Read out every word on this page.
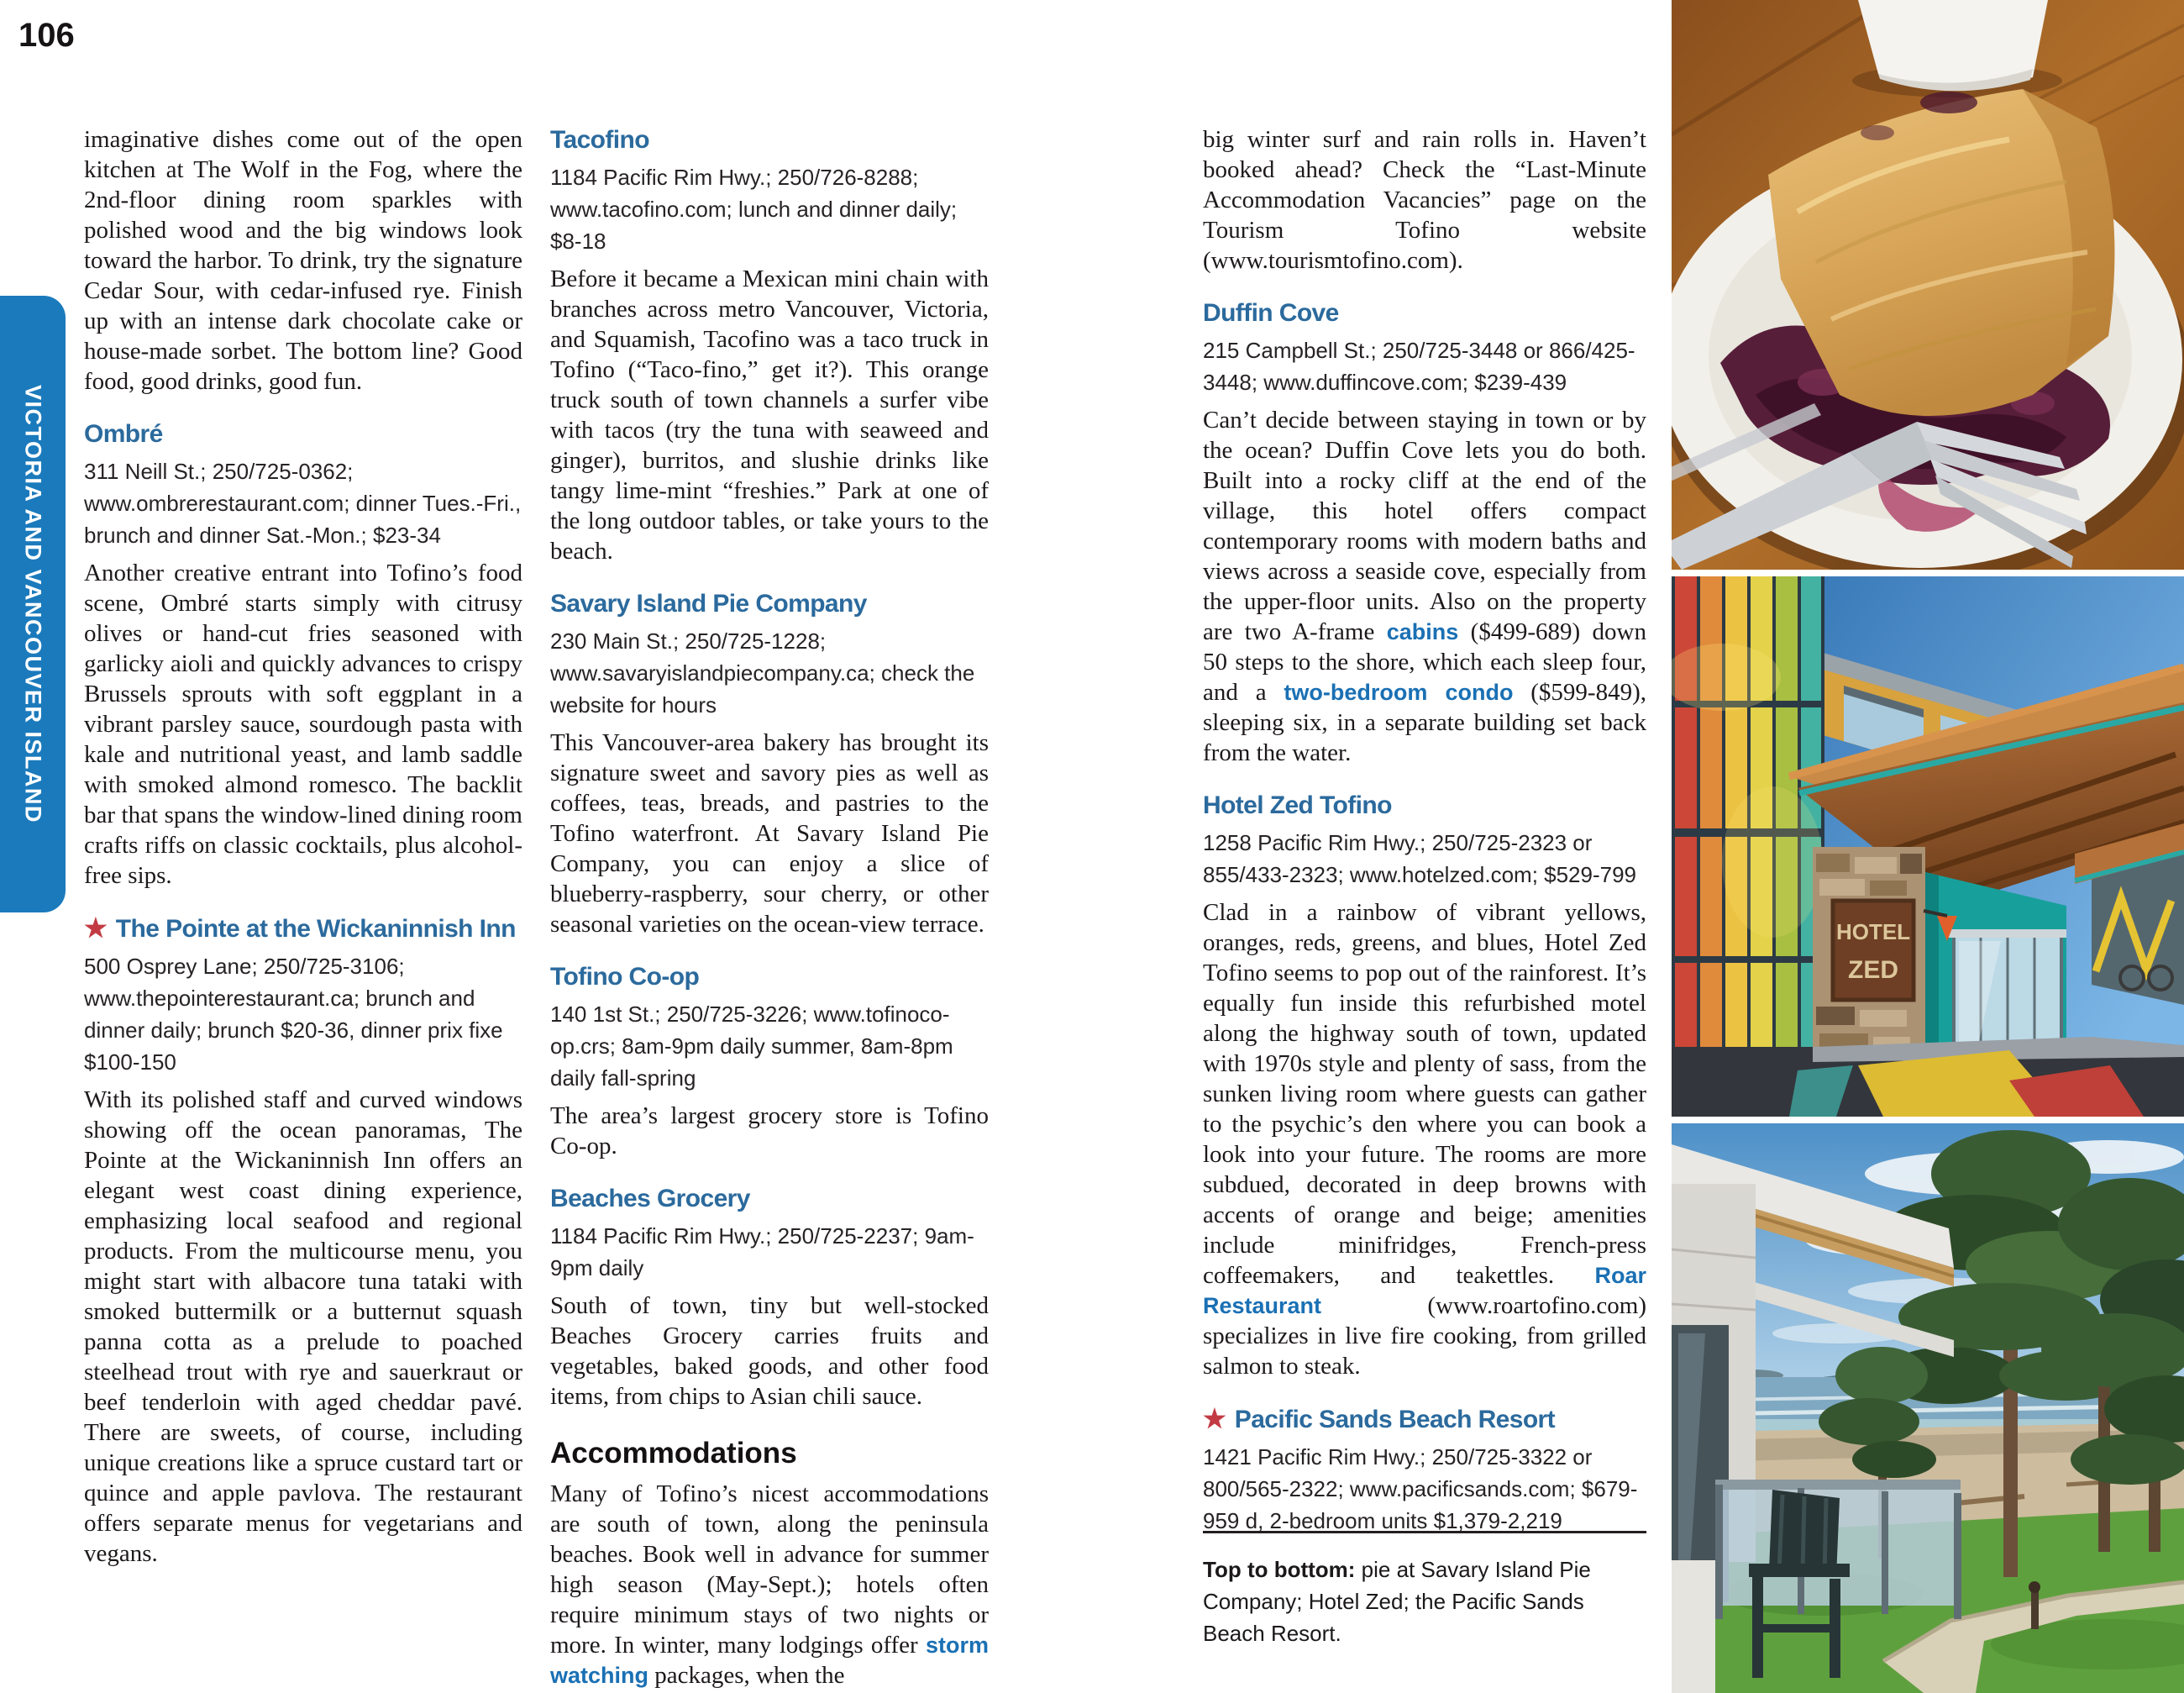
106
VICTORIA AND VANCOUVER ISLAND
imaginative dishes come out of the open kitchen at The Wolf in the Fog, where the 2nd-floor dining room sparkles with polished wood and the big windows look toward the harbor. To drink, try the signature Cedar Sour, with cedar-infused rye. Finish up with an intense dark chocolate cake or house-made sorbet. The bottom line? Good food, good drinks, good fun.
Ombré
311 Neill St.; 250/725-0362; www.ombrerestaurant.com; dinner Tues.-Fri., brunch and dinner Sat.-Mon.; $23-34
Another creative entrant into Tofino’s food scene, Ombré starts simply with citrusy olives or hand-cut fries seasoned with garlicky aioli and quickly advances to crispy Brussels sprouts with soft eggplant in a vibrant parsley sauce, sourdough pasta with kale and nutritional yeast, and lamb saddle with smoked almond romesco. The backlit bar that spans the window-lined dining room crafts riffs on classic cocktails, plus alcohol-free sips.
★ The Pointe at the Wickaninnish Inn
500 Osprey Lane; 250/725-3106; www.thepointerestaurant.ca; brunch and dinner daily; brunch $20-36, dinner prix fixe $100-150
With its polished staff and curved windows showing off the ocean panoramas, The Pointe at the Wickaninnish Inn offers an elegant west coast dining experience, emphasizing local seafood and regional products. From the multicourse menu, you might start with albacore tuna tataki with smoked buttermilk or a butternut squash panna cotta as a prelude to poached steelhead trout with rye and sauerkraut or beef tenderloin with aged cheddar pavé. There are sweets, of course, including unique creations like a spruce custard tart or quince and apple pavlova. The restaurant offers separate menus for vegetarians and vegans.
Tacofino
1184 Pacific Rim Hwy.; 250/726-8288; www.tacofino.com; lunch and dinner daily; $8-18
Before it became a Mexican mini chain with branches across metro Vancouver, Victoria, and Squamish, Tacofino was a taco truck in Tofino (“Taco-fino,” get it?). This orange truck south of town channels a surfer vibe with tacos (try the tuna with seaweed and ginger), burritos, and slushie drinks like tangy lime-mint “freshies.” Park at one of the long outdoor tables, or take yours to the beach.
Savary Island Pie Company
230 Main St.; 250/725-1228; www.savaryislandpiecompany.ca; check the website for hours
This Vancouver-area bakery has brought its signature sweet and savory pies as well as coffees, teas, breads, and pastries to the Tofino waterfront. At Savary Island Pie Company, you can enjoy a slice of blueberry-raspberry, sour cherry, or other seasonal varieties on the ocean-view terrace.
Tofino Co-op
140 1st St.; 250/725-3226; www.tofinoco-op.crs; 8am-9pm daily summer, 8am-8pm daily fall-spring
The area’s largest grocery store is Tofino Co-op.
Beaches Grocery
1184 Pacific Rim Hwy.; 250/725-2237; 9am-9pm daily
South of town, tiny but well-stocked Beaches Grocery carries fruits and vegetables, baked goods, and other food items, from chips to Asian chili sauce.
Accommodations
Many of Tofino’s nicest accommodations are south of town, along the peninsula beaches. Book well in advance for summer high season (May-Sept.); hotels often require minimum stays of two nights or more. In winter, many lodgings offer storm watching packages, when the
big winter surf and rain rolls in. Haven’t booked ahead? Check the “Last-Minute Accommodation Vacancies” page on the Tourism Tofino website (www.tourismtofino.com).
Duffin Cove
215 Campbell St.; 250/725-3448 or 866/425-3448; www.duffincove.com; $239-439
Can’t decide between staying in town or by the ocean? Duffin Cove lets you do both. Built into a rocky cliff at the end of the village, this hotel offers compact contemporary rooms with modern baths and views across a seaside cove, especially from the upper-floor units. Also on the property are two A-frame cabins ($499-689) down 50 steps to the shore, which each sleep four, and a two-bedroom condo ($599-849), sleeping six, in a separate building set back from the water.
Hotel Zed Tofino
1258 Pacific Rim Hwy.; 250/725-2323 or 855/433-2323; www.hotelzed.com; $529-799
Clad in a rainbow of vibrant yellows, oranges, reds, greens, and blues, Hotel Zed Tofino seems to pop out of the rainforest. It’s equally fun inside this refurbished motel along the highway south of town, updated with 1970s style and plenty of sass, from the sunken living room where guests can gather to the psychic’s den where you can book a look into your future. The rooms are more subdued, decorated in deep browns with accents of orange and beige; amenities include minifridges, French-press coffeemakers, and teakettles. Roar Restaurant (www.roartofino.com) specializes in live fire cooking, from grilled salmon to steak.
★ Pacific Sands Beach Resort
1421 Pacific Rim Hwy.; 250/725-3322 or 800/565-2322; www.pacificsands.com; $679-959 d, 2-bedroom units $1,379-2,219
Top to bottom: pie at Savary Island Pie Company; Hotel Zed; the Pacific Sands Beach Resort.
HOTEL
ZED
